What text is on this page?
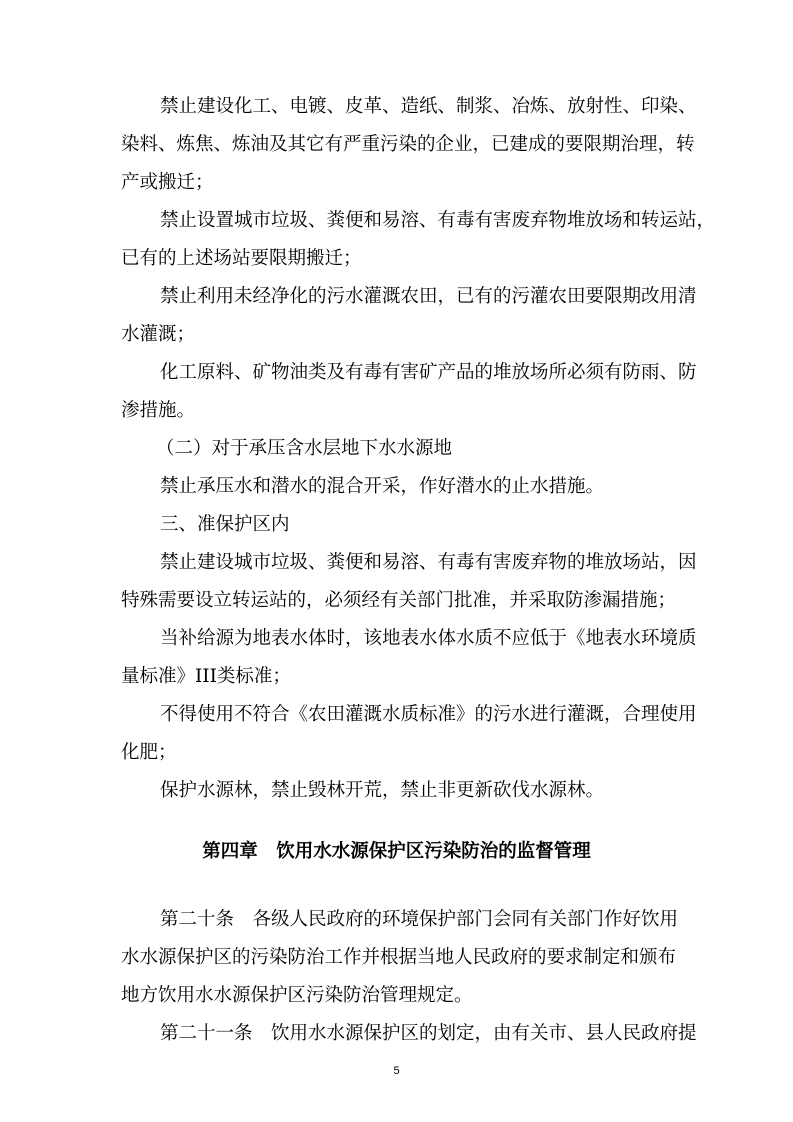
禁止建设化工、电镀、皮革、造纸、制浆、冶炼、放射性、印染、
染料、炼焦、炼油及其它有严重污染的企业，已建成的要限期治理，转
产或搬迁；
禁止设置城市垃圾、粪便和易溶、有毒有害废弃物堆放场和转运站，
已有的上述场站要限期搬迁；
禁止利用未经净化的污水灌溉农田，已有的污灌农田要限期改用清
水灌溉；
化工原料、矿物油类及有毒有害矿产品的堆放场所必须有防雨、防
渗措施。
（二）对于承压含水层地下水水源地
禁止承压水和潜水的混合开采，作好潜水的止水措施。
三、准保护区内
禁止建设城市垃圾、粪便和易溶、有毒有害废弃物的堆放场站，因
特殊需要设立转运站的，必须经有关部门批准，并采取防渗漏措施；
当补给源为地表水体时，该地表水体水质不应低于《地表水环境质
量标准》III类标准；
不得使用不符合《农田灌溉水质标准》的污水进行灌溉，合理使用
化肥；
保护水源林，禁止毁林开荒，禁止非更新砍伐水源林。
第四章　饮用水水源保护区污染防治的监督管理
第二十条　各级人民政府的环境保护部门会同有关部门作好饮用
水水源保护区的污染防治工作并根据当地人民政府的要求制定和颁布
地方饮用水水源保护区污染防治管理规定。
第二十一条　饮用水水源保护区的划定，由有关市、县人民政府提
5
